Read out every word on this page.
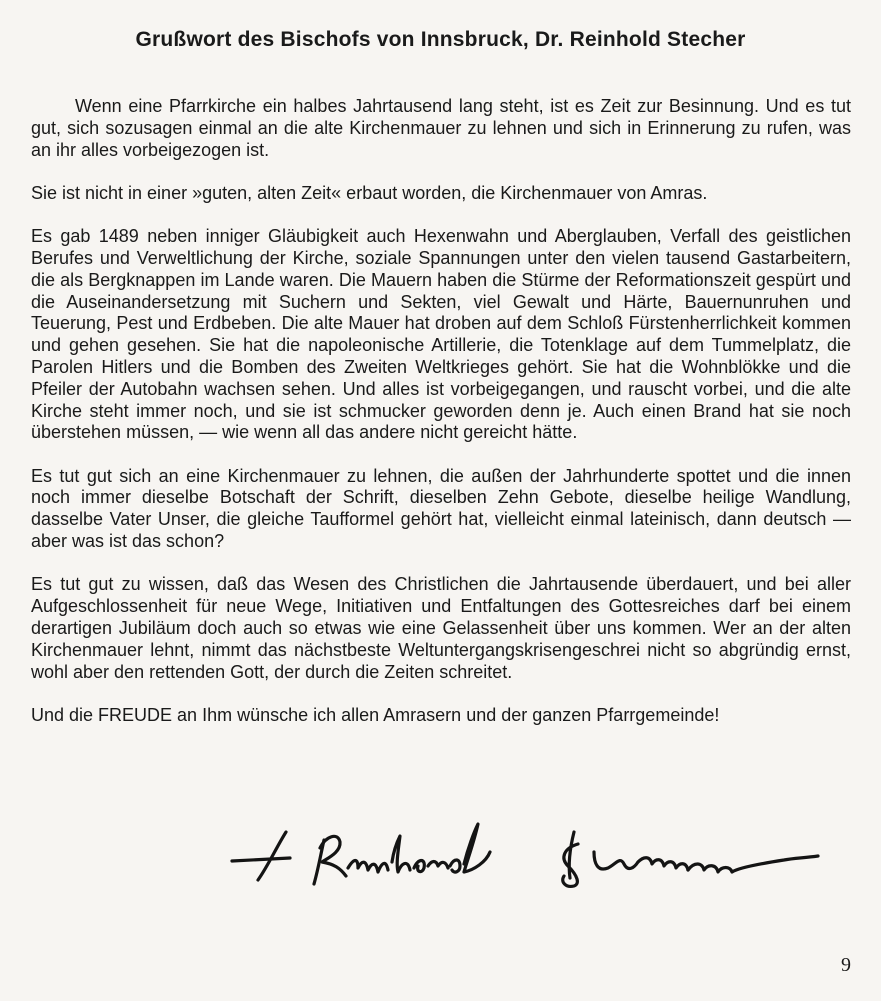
Grußwort des Bischofs von Innsbruck, Dr. Reinhold Stecher

Wenn eine Pfarrkirche ein halbes Jahrtausend lang steht, ist es Zeit zur Besinnung. Und es tut gut, sich sozusagen einmal an die alte Kirchenmauer zu lehnen und sich in Erinnerung zu rufen, was an ihr alles vorbeigezogen ist.

Sie ist nicht in einer »guten, alten Zeit« erbaut worden, die Kirchenmauer von Amras.

Es gab 1489 neben inniger Gläubigkeit auch Hexenwahn und Aberglauben, Verfall des geistlichen Berufes und Verweltlichung der Kirche, soziale Spannungen unter den vielen tausend Gastarbeitern, die als Bergknappen im Lande waren. Die Mauern haben die Stürme der Reformationszeit gespürt und die Auseinandersetzung mit Suchern und Sekten, viel Gewalt und Härte, Bauernunruhen und Teuerung, Pest und Erdbeben. Die alte Mauer hat droben auf dem Schloß Fürstenherrlichkeit kommen und gehen gesehen. Sie hat die napoleonische Artillerie, die Totenklage auf dem Tummelplatz, die Parolen Hitlers und die Bomben des Zweiten Weltkrieges gehört. Sie hat die Wohnblökke und die Pfeiler der Autobahn wachsen sehen. Und alles ist vorbeigegangen, und rauscht vorbei, und die alte Kirche steht immer noch, und sie ist schmucker geworden denn je. Auch einen Brand hat sie noch überstehen müssen, — wie wenn all das andere nicht gereicht hätte.

Es tut gut sich an eine Kirchenmauer zu lehnen, die außen der Jahrhunderte spottet und die innen noch immer dieselbe Botschaft der Schrift, dieselben Zehn Gebote, dieselbe heilige Wandlung, dasselbe Vater Unser, die gleiche Taufformel gehört hat, vielleicht einmal lateinisch, dann deutsch — aber was ist das schon?

Es tut gut zu wissen, daß das Wesen des Christlichen die Jahrtausende überdauert, und bei aller Aufgeschlossenheit für neue Wege, Initiativen und Entfaltungen des Gottesreiches darf bei einem derartigen Jubiläum doch auch so etwas wie eine Gelassenheit über uns kommen. Wer an der alten Kirchenmauer lehnt, nimmt das nächstbeste Weltuntergangskrisengeschrei nicht so abgründig ernst, wohl aber den rettenden Gott, der durch die Zeiten schreitet.

Und die FREUDE an Ihm wünsche ich allen Amrasern und der ganzen Pfarrgemeinde!

9
